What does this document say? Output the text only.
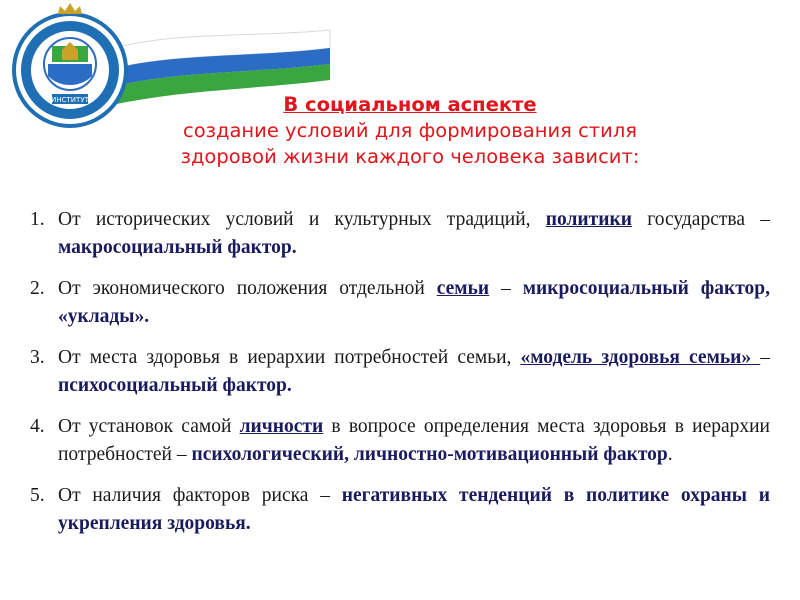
ИНСТИТУТ	В социальном аспекте
создание условий для формирования стиля
здоровой жизни каждого человека зависит:
1. От исторических условий и культурных традиций, политики государства – макросоциальный фактор.
2. От экономического положения отдельной семьи – микросоциальный фактор, «уклады».
3. От места здоровья в иерархии потребностей семьи, «модель здоровья семьи» – психосоциальный фактор.
4. От установок самой личности в вопросе определения места здоровья в иерархии потребностей – психологический, личностно-мотивационный фактор.
5. От наличия факторов риска – негативных тенденций в политике охраны и укрепления здоровья.
